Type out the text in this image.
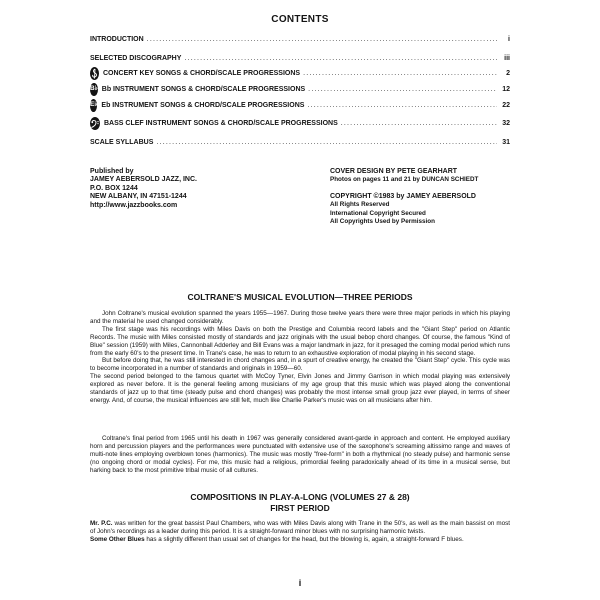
CONTENTS
INTRODUCTION .....	i
SELECTED DISCOGRAPHY .....	iii
CONCERT KEY SONGS & CHORD/SCALE PROGRESSIONS .....	2
B♭ Bb INSTRUMENT SONGS & CHORD/SCALE PROGRESSIONS .....	12
E♭ Eb INSTRUMENT SONGS & CHORD/SCALE PROGRESSIONS .....	22
BASS CLEF INSTRUMENT SONGS & CHORD/SCALE PROGRESSIONS .....	32
SCALE SYLLABUS .....	31
Published by
JAMEY AEBERSOLD JAZZ, INC.
P.O. BOX 1244
NEW ALBANY, IN 47151-1244
http://www.jazzbooks.com
COVER DESIGN BY PETE GEARHART
Photos on pages 11 and 21 by DUNCAN SCHIEDT
COPYRIGHT ©1983 by JAMEY AEBERSOLD
All Rights Reserved
International Copyright Secured
All Copyrights Used by Permission
COLTRANE'S MUSICAL EVOLUTION—THREE PERIODS

John Coltrane's musical evolution spanned the years 1955—1967. During those twelve years there were three major periods in which his playing and the material he used changed considerably.

The first stage was his recordings with Miles Davis on both the Prestige and Columbia record labels and the "Giant Step" period on Atlantic Records. The music with Miles consisted mostly of standards and jazz originals with the usual bebop chord changes. Of course, the famous "Kind of Blue" session (1959) with Miles, Cannonball Adderley and Bill Evans was a major landmark in jazz, for it presaged the coming modal period which runs from the early 60's to the present time. In Trane's case, he was to return to an exhaustive exploration of modal playing in his second stage.

But before doing that, he was still interested in chord changes and, in a spurt of creative energy, he created the "Giant Step" cycle. This cycle was to become incorporated in a number of standards and originals in 1959—60.

The second period belonged to the famous quartet with McCoy Tyner, Elvin Jones and Jimmy Garrison in which modal playing was extensively explored as never before. It is the general feeling among musicians of my age group that this music which was played along the conventional standards of jazz up to that time (steady pulse and chord changes) was probably the most intense small group jazz ever played, in terms of sheer energy. And, of course, the musical influences are still felt, much like Charlie Parker's music was on all musicians after him.

Coltrane's final period from 1965 until his death in 1967 was generally considered avant-garde in approach and content. He employed auxiliary horn and percussion players and the performances were punctuated with extensive use of the saxophone's screaming altissimo range and waves of multi-note lines employing overblown tones (harmonics). The music was mostly "free-form" in both a rhythmical (no steady pulse) and harmonic sense (no ongoing chord or modal cycles). For me, this music had a religious, primordial feeling paradoxically ahead of its time in a musical sense, but harking back to the most primitive tribal music of all cultures.

COMPOSITIONS IN PLAY-A-LONG (VOLUMES 27 & 28)
FIRST PERIOD

Mr. P.C. was written for the great bassist Paul Chambers, who was with Miles Davis along with Trane in the 50's, as well as the main bassist on most of John's recordings as a leader during this period. It is a straight-forward minor blues with no surprising harmonic twists.

Some Other Blues has a slightly different than usual set of changes for the head, but the blowing is, again, a straight-forward F blues.

i
